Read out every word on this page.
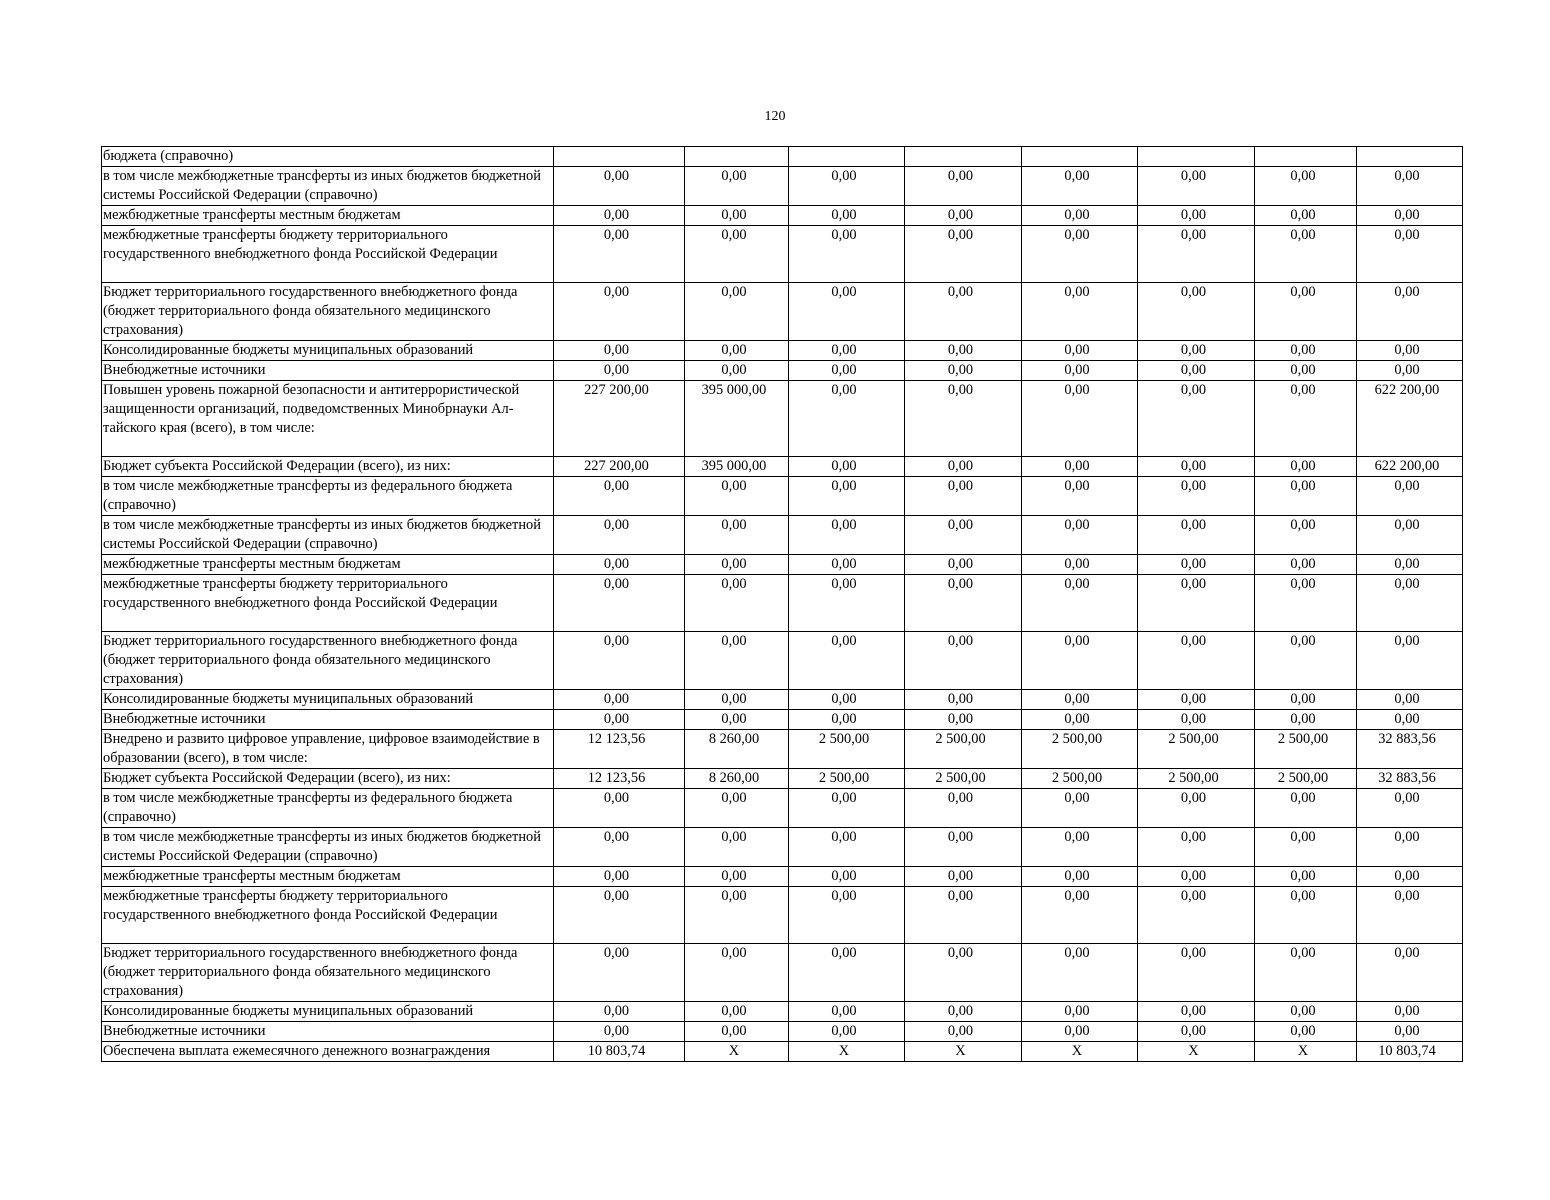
120
бюджета (справочно)								
в том числе межбюджетные трансферты из иных бюджетов бюджетной системы Российской Федерации (справочно)	0,00	0,00	0,00	0,00	0,00	0,00	0,00	0,00
межбюджетные трансферты местным бюджетам	0,00	0,00	0,00	0,00	0,00	0,00	0,00	0,00
межбюджетные трансферты бюджету территориального государственного внебюджетного фонда Российской Федерации	0,00	0,00	0,00	0,00	0,00	0,00	0,00	0,00
Бюджет территориального государственного внебюджетного фонда (бюджет территориального фонда обязательного медицинского страхования)	0,00	0,00	0,00	0,00	0,00	0,00	0,00	0,00
Консолидированные бюджеты муниципальных образований	0,00	0,00	0,00	0,00	0,00	0,00	0,00	0,00
Внебюджетные источники	0,00	0,00	0,00	0,00	0,00	0,00	0,00	0,00
Повышен уровень пожарной безопасности и антитеррористической защищенности организаций, подведомственных Минобрнауки Ал-тайского края (всего), в том числе:	227 200,00	395 000,00	0,00	0,00	0,00	0,00	0,00	622 200,00
Бюджет субъекта Российской Федерации (всего), из них:	227 200,00	395 000,00	0,00	0,00	0,00	0,00	0,00	622 200,00
в том числе межбюджетные трансферты из федерального бюджета (справочно)	0,00	0,00	0,00	0,00	0,00	0,00	0,00	0,00
в том числе межбюджетные трансферты из иных бюджетов бюджетной системы Российской Федерации (справочно)	0,00	0,00	0,00	0,00	0,00	0,00	0,00	0,00
межбюджетные трансферты местным бюджетам	0,00	0,00	0,00	0,00	0,00	0,00	0,00	0,00
межбюджетные трансферты бюджету территориального государственного внебюджетного фонда Российской Федерации	0,00	0,00	0,00	0,00	0,00	0,00	0,00	0,00
Бюджет территориального государственного внебюджетного фонда (бюджет территориального фонда обязательного медицинского страхования)	0,00	0,00	0,00	0,00	0,00	0,00	0,00	0,00
Консолидированные бюджеты муниципальных образований	0,00	0,00	0,00	0,00	0,00	0,00	0,00	0,00
Внебюджетные источники	0,00	0,00	0,00	0,00	0,00	0,00	0,00	0,00
Внедрено и развито цифровое управление, цифровое взаимодействие в образовании (всего), в том числе:	12 123,56	8 260,00	2 500,00	2 500,00	2 500,00	2 500,00	2 500,00	32 883,56
Бюджет субъекта Российской Федерации (всего), из них:	12 123,56	8 260,00	2 500,00	2 500,00	2 500,00	2 500,00	2 500,00	32 883,56
в том числе межбюджетные трансферты из федерального бюджета (справочно)	0,00	0,00	0,00	0,00	0,00	0,00	0,00	0,00
в том числе межбюджетные трансферты из иных бюджетов бюджетной системы Российской Федерации (справочно)	0,00	0,00	0,00	0,00	0,00	0,00	0,00	0,00
межбюджетные трансферты местным бюджетам	0,00	0,00	0,00	0,00	0,00	0,00	0,00	0,00
межбюджетные трансферты бюджету территориального государственного внебюджетного фонда Российской Федерации	0,00	0,00	0,00	0,00	0,00	0,00	0,00	0,00
Бюджет территориального государственного внебюджетного фонда (бюджет территориального фонда обязательного медицинского страхования)	0,00	0,00	0,00	0,00	0,00	0,00	0,00	0,00
Консолидированные бюджеты муниципальных образований	0,00	0,00	0,00	0,00	0,00	0,00	0,00	0,00
Внебюджетные источники	0,00	0,00	0,00	0,00	0,00	0,00	0,00	0,00
Обеспечена выплата ежемесячного денежного вознаграждения	10 803,74	X	X	X	X	X	X	10 803,74
